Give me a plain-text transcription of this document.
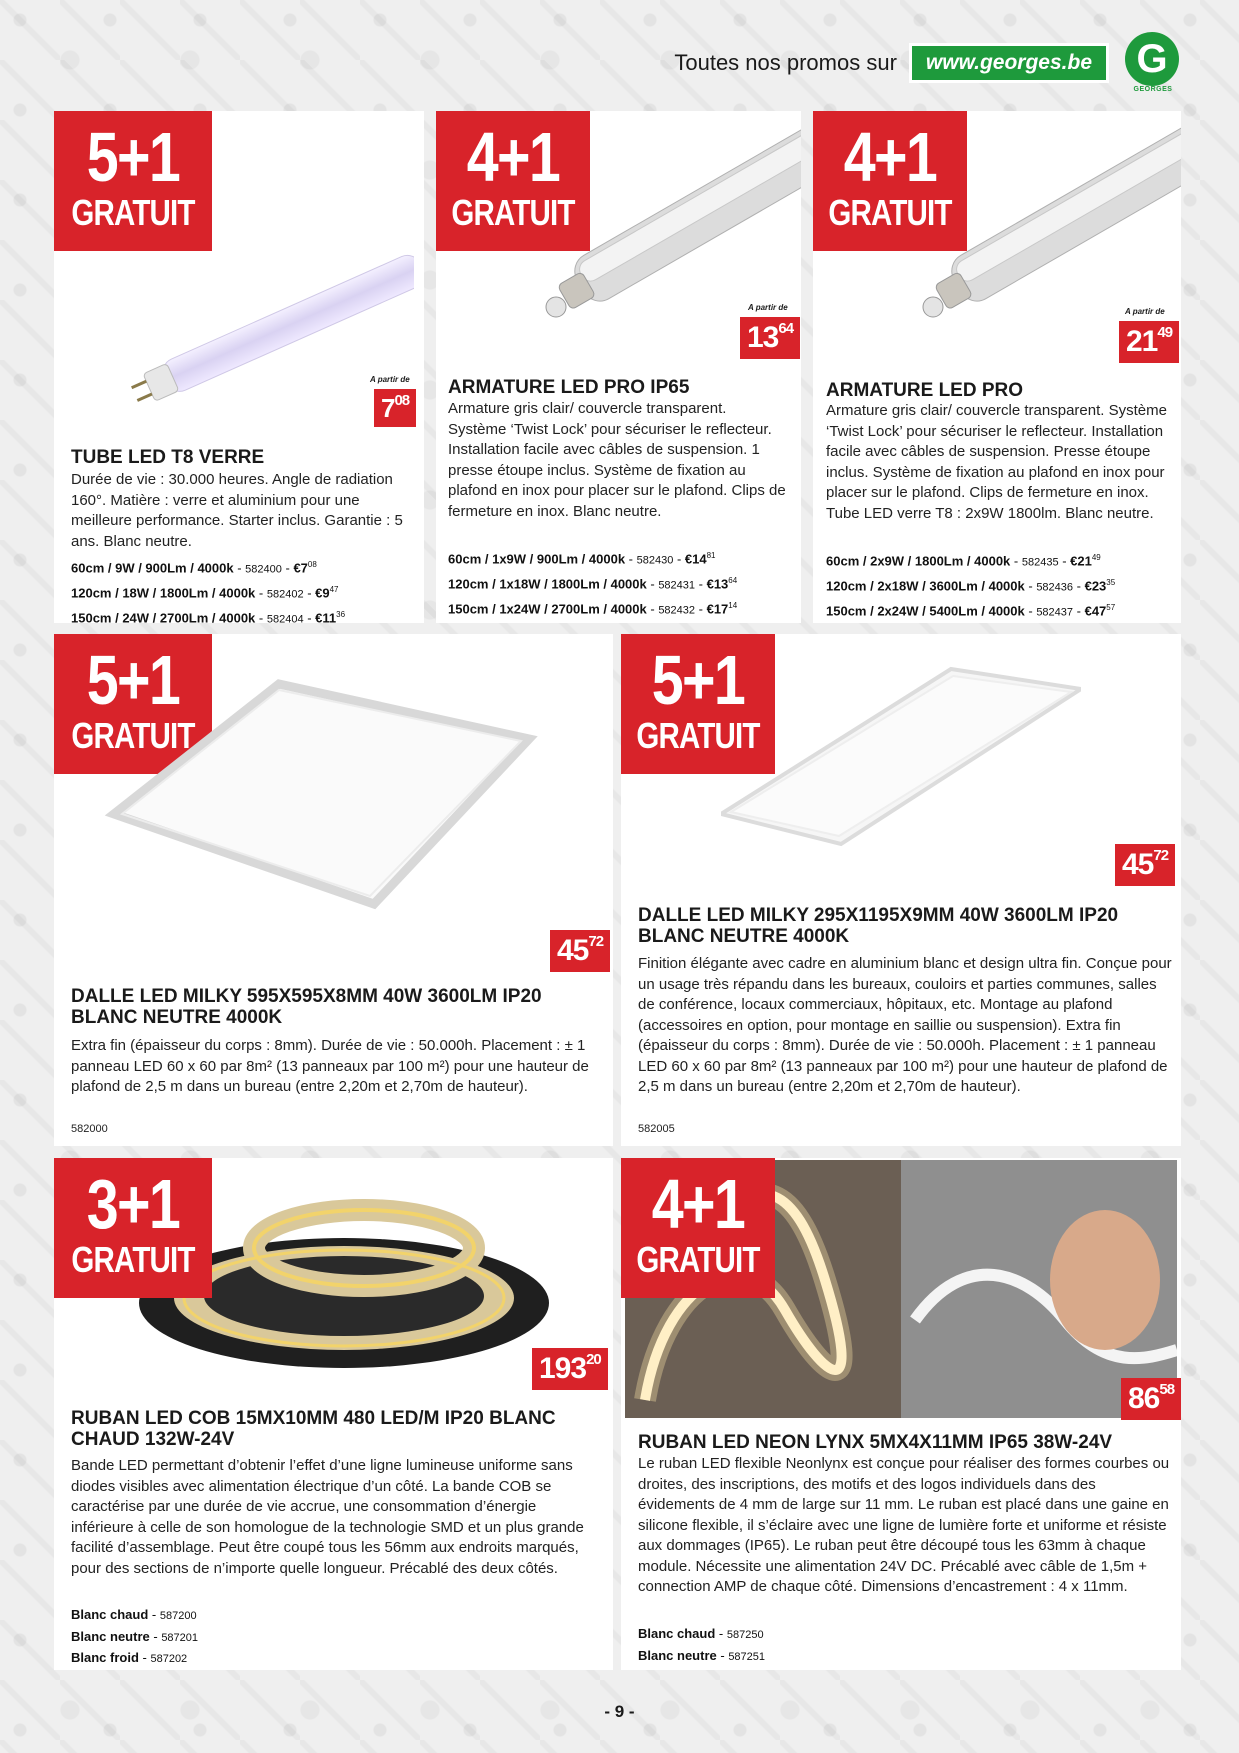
Toutes nos promos sur	www.georges.be	G
GEORGES
5+1
GRATUIT
A partir de
$7^{08}$
TUBE LED T8 VERRE
Durée de vie : 30.000 heures. Angle de radiation 160°. Matière : verre et aluminium pour une meilleure performance. Starter inclus. Garantie : 5 ans. Blanc neutre.
$60cm / 9W / 900Lm / 4000k - 582400 - €7^{08}$
$120cm / 18W / 1800Lm / 4000k - 582402 - €9^{47}$
$150cm / 24W / 2700Lm / 4000k - 582404 - €11^{36}$
4+1
GRATUIT
A partir de
$13^{64}$
ARMATURE LED PRO IP65
Armature gris clair/ couvercle transparent. Système ‘Twist Lock’ pour sécuriser le reflecteur. Installation facile avec câbles de suspension. 1 presse étoupe inclus. Système de fixation au plafond en inox pour placer sur le plafond. Clips de fermeture en inox. Blanc neutre.
$60cm / 1x9W / 900Lm / 4000k - 582430 - €14^{81}$
$120cm / 1x18W / 1800Lm / 4000k - 582431 - €13^{64}$
$150cm / 1x24W / 2700Lm / 4000k - 582432 - €17^{14}$
4+1
GRATUIT
A partir de
$21^{49}$
ARMATURE LED PRO
Armature gris clair/ couvercle transparent. Système ‘Twist Lock’ pour sécuriser le reflecteur. Installation facile avec câbles de suspension. Presse étoupe inclus. Système de fixation au plafond en inox pour placer sur le plafond. Clips de fermeture en inox. Tube LED verre T8 : 2x9W 1800lm. Blanc neutre.
$60cm / 2x9W / 1800Lm / 4000k - 582435 - €21^{49}$
$120cm / 2x18W / 3600Lm / 4000k - 582436 - €23^{35}$
$150cm / 2x24W / 5400Lm / 4000k - 582437 - €47^{57}$
5+1
GRATUIT
$45^{72}$
DALLE LED MILKY 595X595X8MM 40W 3600LM IP20 BLANC NEUTRE 4000K
Extra fin (épaisseur du corps : 8mm). Durée de vie : 50.000h. Placement : ± 1 panneau LED 60 x 60 par 8m² (13 panneaux par 100 m²) pour une hauteur de plafond de 2,5 m dans un bureau (entre 2,20m et 2,70m de hauteur).
582000
5+1
GRATUIT
$45^{72}$
DALLE LED MILKY 295X1195X9MM 40W 3600LM IP20 BLANC NEUTRE 4000K
Finition élégante avec cadre en aluminium blanc et design ultra fin. Conçue pour un usage très répandu dans les bureaux, couloirs et parties communes, salles de conférence, locaux commerciaux, hôpitaux, etc. Montage au plafond (accessoires en option, pour montage en saillie ou suspension). Extra fin (épaisseur du corps : 8mm). Durée de vie : 50.000h. Placement : ± 1 panneau LED 60 x 60 par 8m² (13 panneaux par 100 m²) pour une hauteur de plafond de 2,5 m dans un bureau (entre 2,20m et 2,70m de hauteur).
582005
3+1
GRATUIT
$193^{20}$
RUBAN LED COB 15MX10MM 480 LED/M IP20 BLANC CHAUD 132W-24V
Bande LED permettant d’obtenir l’effet d’une ligne lumineuse uniforme sans diodes visibles avec alimentation électrique d’un côté. La bande COB se caractérise par une durée de vie accrue, une consommation d’énergie inférieure à celle de son homologue de la technologie SMD et un plus grande facilité d’assemblage. Peut être coupé tous les 56mm aux endroits marqués, pour des sections de n’importe quelle longueur. Précablé des deux côtés.
Blanc chaud - 587200
Blanc neutre - 587201
Blanc froid - 587202
4+1
GRATUIT
$86^{58}$
RUBAN LED NEON LYNX 5MX4X11MM IP65 38W-24V
Le ruban LED flexible Neonlynx est conçue pour réaliser des formes courbes ou droites, des inscriptions, des motifs et des logos individuels dans des évidements de 4 mm de large sur 11 mm. Le ruban est placé dans une gaine en silicone flexible, il s’éclaire avec une ligne de lumière forte et uniforme et résiste aux dommages (IP65). Le ruban peut être découpé tous les 63mm à chaque module. Nécessite une alimentation 24V DC. Précablé avec câble de 1,5m + connection AMP de chaque côté. Dimensions d’encastrement : 4 x 11mm.
Blanc chaud - 587250
Blanc neutre - 587251
- 9 -
